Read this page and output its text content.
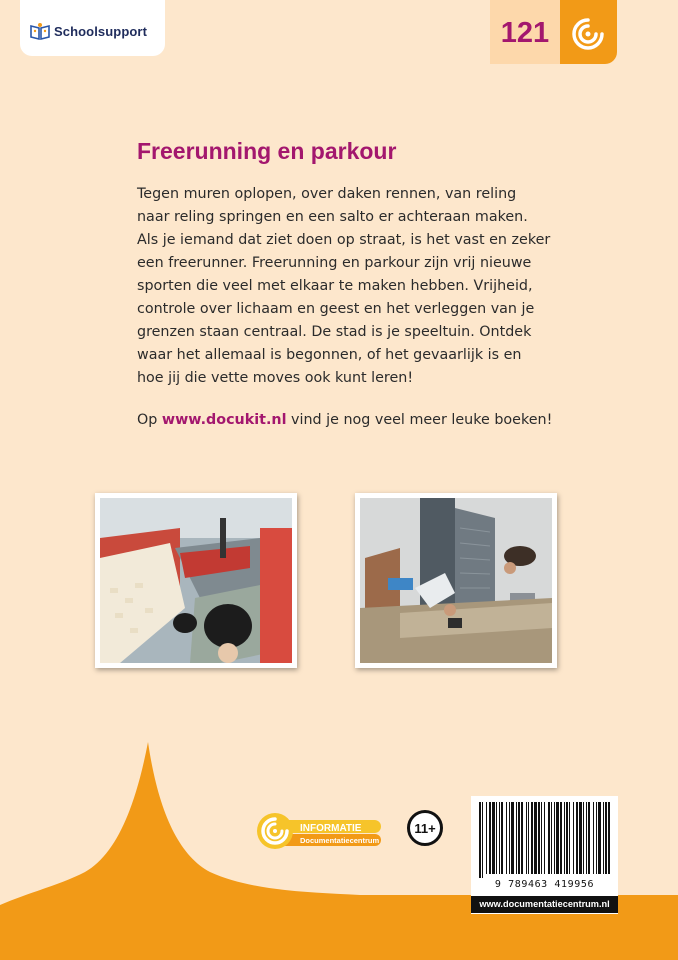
Schoolsupport	121
Freerunning en parkour
Tegen muren oplopen, over daken rennen, van reling
naar reling springen en een salto er achteraan maken.
Als je iemand dat ziet doen op straat, is het vast en zeker
een freerunner. Freerunning en parkour zijn vrij nieuwe
sporten die veel met elkaar te maken hebben. Vrijheid,
controle over lichaam en geest en het verleggen van je
grenzen staan centraal. De stad is je speeltuin. Ontdek
waar het allemaal is begonnen, of het gevaarlijk is en
hoe jij die vette moves ook kunt leren!
Op www.docukit.nl vind je nog veel meer leuke boeken!
INFORMATIE
Documentatiecentrum
11+
9 789463 419956
www.documentatiecentrum.nl
